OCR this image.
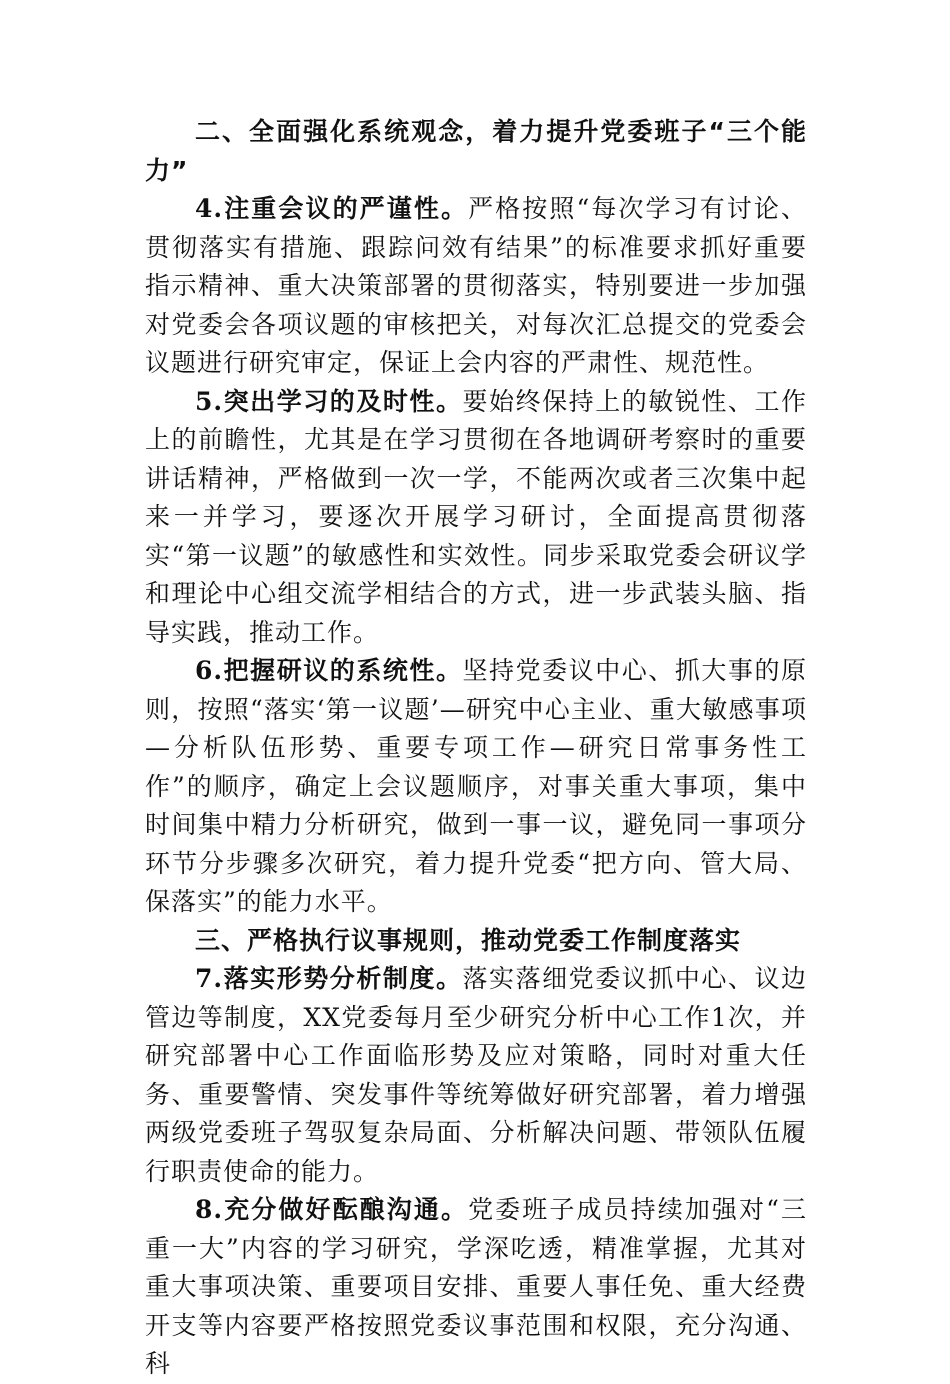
二、全面强化系统观念，着力提升党委班子“三个能力”

4.注重会议的严谨性。严格按照“每次学习有讨论、贯彻落实有措施、跟踪问效有结果”的标准要求抓好重要指示精神、重大决策部署的贯彻落实，特别要进一步加强对党委会各项议题的审核把关，对每次汇总提交的党委会议题进行研究审定，保证上会内容的严肃性、规范性。

5.突出学习的及时性。要始终保持上的敏锐性、工作上的前瞻性，尤其是在学习贯彻在各地调研考察时的重要讲话精神，严格做到一次一学，不能两次或者三次集中起来一并学习，要逐次开展学习研讨，全面提高贯彻落实“第一议题”的敏感性和实效性。同步采取党委会研议学和理论中心组交流学相结合的方式，进一步武装头脑、指导实践，推动工作。

6.把握研议的系统性。坚持党委议中心、抓大事的原则，按照“落实‘第一议题’—研究中心主业、重大敏感事项—分析队伍形势、重要专项工作—研究日常事务性工作”的顺序，确定上会议题顺序，对事关重大事项，集中时间集中精力分析研究，做到一事一议，避免同一事项分环节分步骤多次研究，着力提升党委“把方向、管大局、保落实”的能力水平。

三、严格执行议事规则，推动党委工作制度落实

7.落实形势分析制度。落实落细党委议抓中心、议边管边等制度，XX党委每月至少研究分析中心工作1次，并研究部署中心工作面临形势及应对策略，同时对重大任务、重要警情、突发事件等统筹做好研究部署，着力增强两级党委班子驾驭复杂局面、分析解决问题、带领队伍履行职责使命的能力。

8.充分做好酝酿沟通。党委班子成员持续加强对“三重一大”内容的学习研究，学深吃透，精准掌握，尤其对重大事项决策、重要项目安排、重要人事任免、重大经费开支等内容要严格按照党委议事范围和权限，充分沟通、科
